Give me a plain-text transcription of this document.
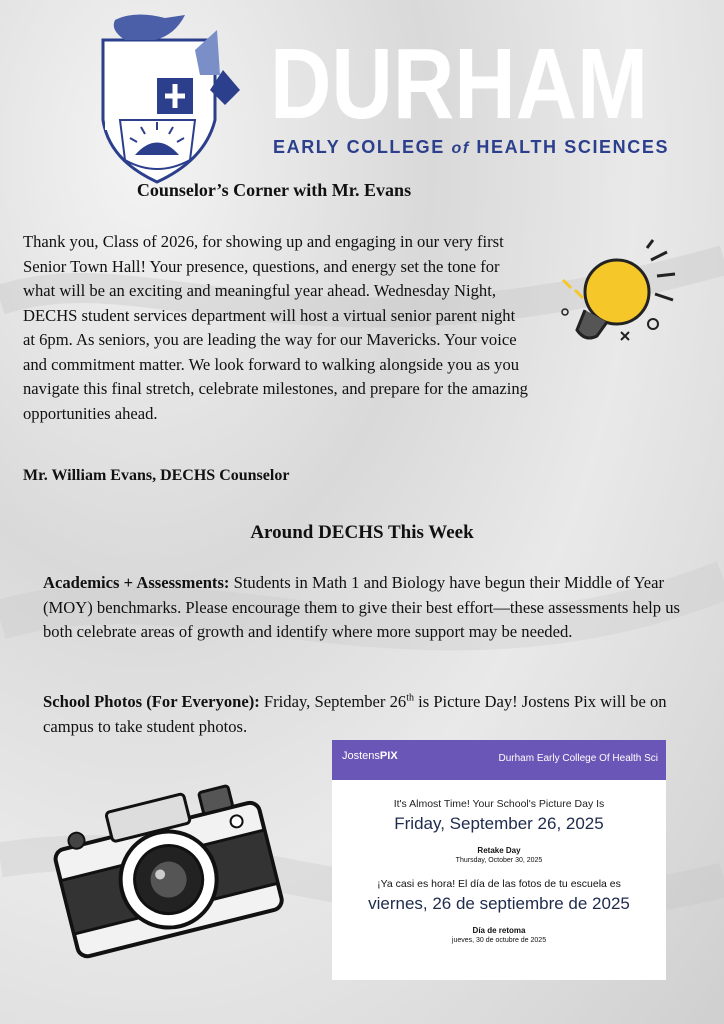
DURHAM
EARLY COLLEGE of HEALTH SCIENCES
Counselor’s Corner with Mr. Evans
Thank you, Class of 2026, for showing up and engaging in our very first Senior Town Hall! Your presence, questions, and energy set the tone for what will be an exciting and meaningful year ahead. Wednesday Night, DECHS student services department will host a virtual senior parent night at 6pm. As seniors, you are leading the way for our Mavericks. Your voice and commitment matter. We look forward to walking alongside you as you navigate this final stretch, celebrate milestones, and prepare for the amazing opportunities ahead.
Mr. William Evans, DECHS Counselor
Around DECHS This Week
Academics + Assessments: Students in Math 1 and Biology have begun their Middle of Year (MOY) benchmarks. Please encourage them to give their best effort—these assessments help us both celebrate areas of growth and identify where more support may be needed.
School Photos (For Everyone): Friday, September 26th is Picture Day! Jostens Pix will be on campus to take student photos.
JostensPIX	Durham Early College Of Health Sci
It's Almost Time! Your School's Picture Day Is
Friday, September 26, 2025
Retake Day
Thursday, October 30, 2025
¡Ya casi es hora! El día de las fotos de tu escuela es
viernes, 26 de septiembre de 2025
Día de retoma
jueves, 30 de octubre de 2025
